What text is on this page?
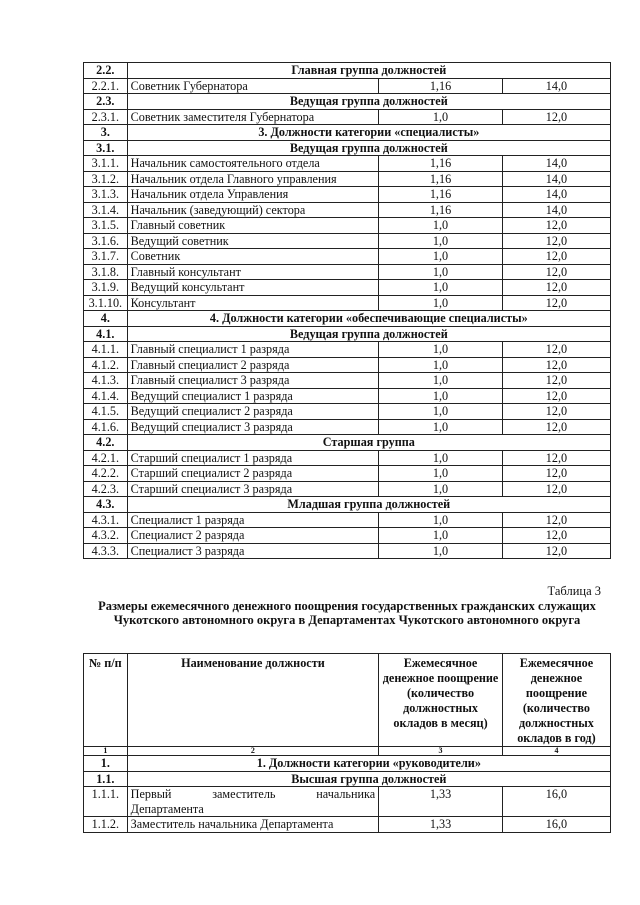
2.2.	Главная группа должностей		
2.2.1.	Советник Губернатора	1,16	14,0
2.3.	Ведущая группа должностей		
2.3.1.	Советник заместителя Губернатора	1,0	12,0
3.	3. Должности категории «специалисты»		
3.1.	Ведущая группа должностей		
3.1.1.	Начальник самостоятельного отдела	1,16	14,0
3.1.2.	Начальник отдела Главного управления	1,16	14,0
3.1.3.	Начальник отдела Управления	1,16	14,0
3.1.4.	Начальник (заведующий) сектора	1,16	14,0
3.1.5.	Главный советник	1,0	12,0
3.1.6.	Ведущий советник	1,0	12,0
3.1.7.	Советник	1,0	12,0
3.1.8.	Главный консультант	1,0	12,0
3.1.9.	Ведущий консультант	1,0	12,0
3.1.10.	Консультант	1,0	12,0
4.	4. Должности категории «обеспечивающие специалисты»		
4.1.	Ведущая группа должностей		
4.1.1.	Главный специалист 1 разряда	1,0	12,0
4.1.2.	Главный специалист 2 разряда	1,0	12,0
4.1.3.	Главный специалист 3 разряда	1,0	12,0
4.1.4.	Ведущий специалист 1 разряда	1,0	12,0
4.1.5.	Ведущий специалист 2 разряда	1,0	12,0
4.1.6.	Ведущий специалист 3 разряда	1,0	12,0
4.2.	Старшая группа		
4.2.1.	Старший специалист 1 разряда	1,0	12,0
4.2.2.	Старший специалист 2 разряда	1,0	12,0
4.2.3.	Старший специалист 3 разряда	1,0	12,0
4.3.	Младшая группа должностей		
4.3.1.	Специалист 1 разряда	1,0	12,0
4.3.2.	Специалист 2 разряда	1,0	12,0
4.3.3.	Специалист 3 разряда	1,0	12,0
Таблица 3
Размеры ежемесячного денежного поощрения государственных гражданских служащих Чукотского автономного округа в Департаментах Чукотского автономного округа
№ п/п	Наименование должности	Ежемесячное денежное поощрение (количество должностных окладов в месяц)	Ежемесячное денежное поощрение (количество должностных окладов в год)
1	2	3	4
1.	1. Должности категории «руководители»		
1.1.	Высшая группа должностей		
1.1.1.	Первый заместитель начальника Департамента	1,33	16,0
1.1.2.	Заместитель начальника Департамента	1,33	16,0
